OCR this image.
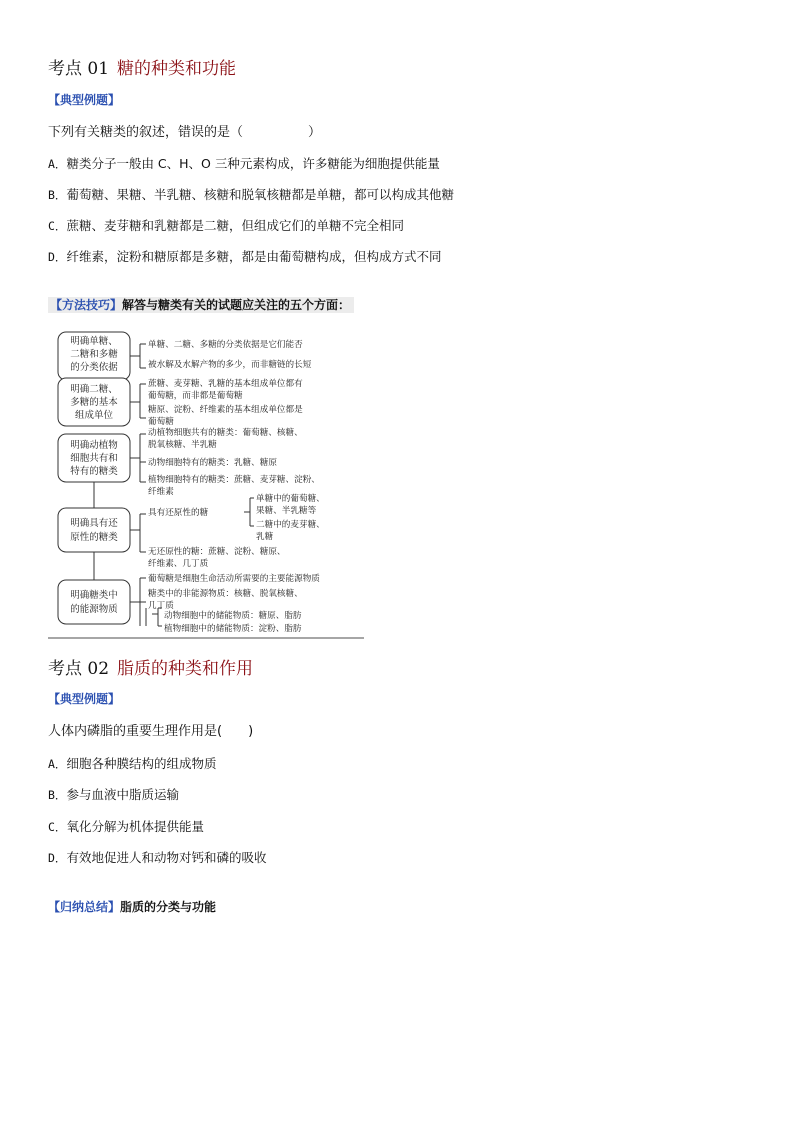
考点 01 糖的种类和功能
【典型例题】
下列有关糖类的叙述，错误的是（　　　　　）
A．糖类分子一般由 C、H、O 三种元素构成，许多糖能为细胞提供能量
B．葡萄糖、果糖、半乳糖、核糖和脱氧核糖都是单糖，都可以构成其他糖
C．蔗糖、麦芽糖和乳糖都是二糖，但组成它们的单糖不完全相同
D．纤维素，淀粉和糖原都是多糖，都是由葡萄糖构成，但构成方式不同
【方法技巧】解答与糖类有关的试题应关注的五个方面：
明确单糖、
二糖和多糖
的分类依据
明确二糖、
多糖的基本
组成单位
明确动植物
细胞共有和
特有的糖类
明确具有还
原性的糖类
明确糖类中
的能源物质
单糖、二糖、多糖的分类依据是它们能否
被水解及水解产物的多少，而非糖链的长短
蔗糖、麦芽糖、乳糖的基本组成单位都有
葡萄糖，而非都是葡萄糖
糖原、淀粉、纤维素的基本组成单位都是
葡萄糖
动植物细胞共有的糖类：葡萄糖、核糖、
脱氧核糖、半乳糖
动物细胞特有的糖类：乳糖、糖原
植物细胞特有的糖类：蔗糖、麦芽糖、淀粉、
纤维素
具有还原性的糖
单糖中的葡萄糖、
果糖、半乳糖等
二糖中的麦芽糖、
乳糖
无还原性的糖：蔗糖、淀粉、糖原、
纤维素、几丁质
葡萄糖是细胞生命活动所需要的主要能源物质
糖类中的非能源物质：核糖、脱氧核糖、
几丁质
动物细胞中的储能物质：糖原、脂肪
植物细胞中的储能物质：淀粉、脂肪
考点 02 脂质的种类和作用
【典型例题】
人体内磷脂的重要生理作用是(　　)
A．细胞各种膜结构的组成物质
B．参与血液中脂质运输
C．氧化分解为机体提供能量
D．有效地促进人和动物对钙和磷的吸收
【归纳总结】脂质的分类与功能
